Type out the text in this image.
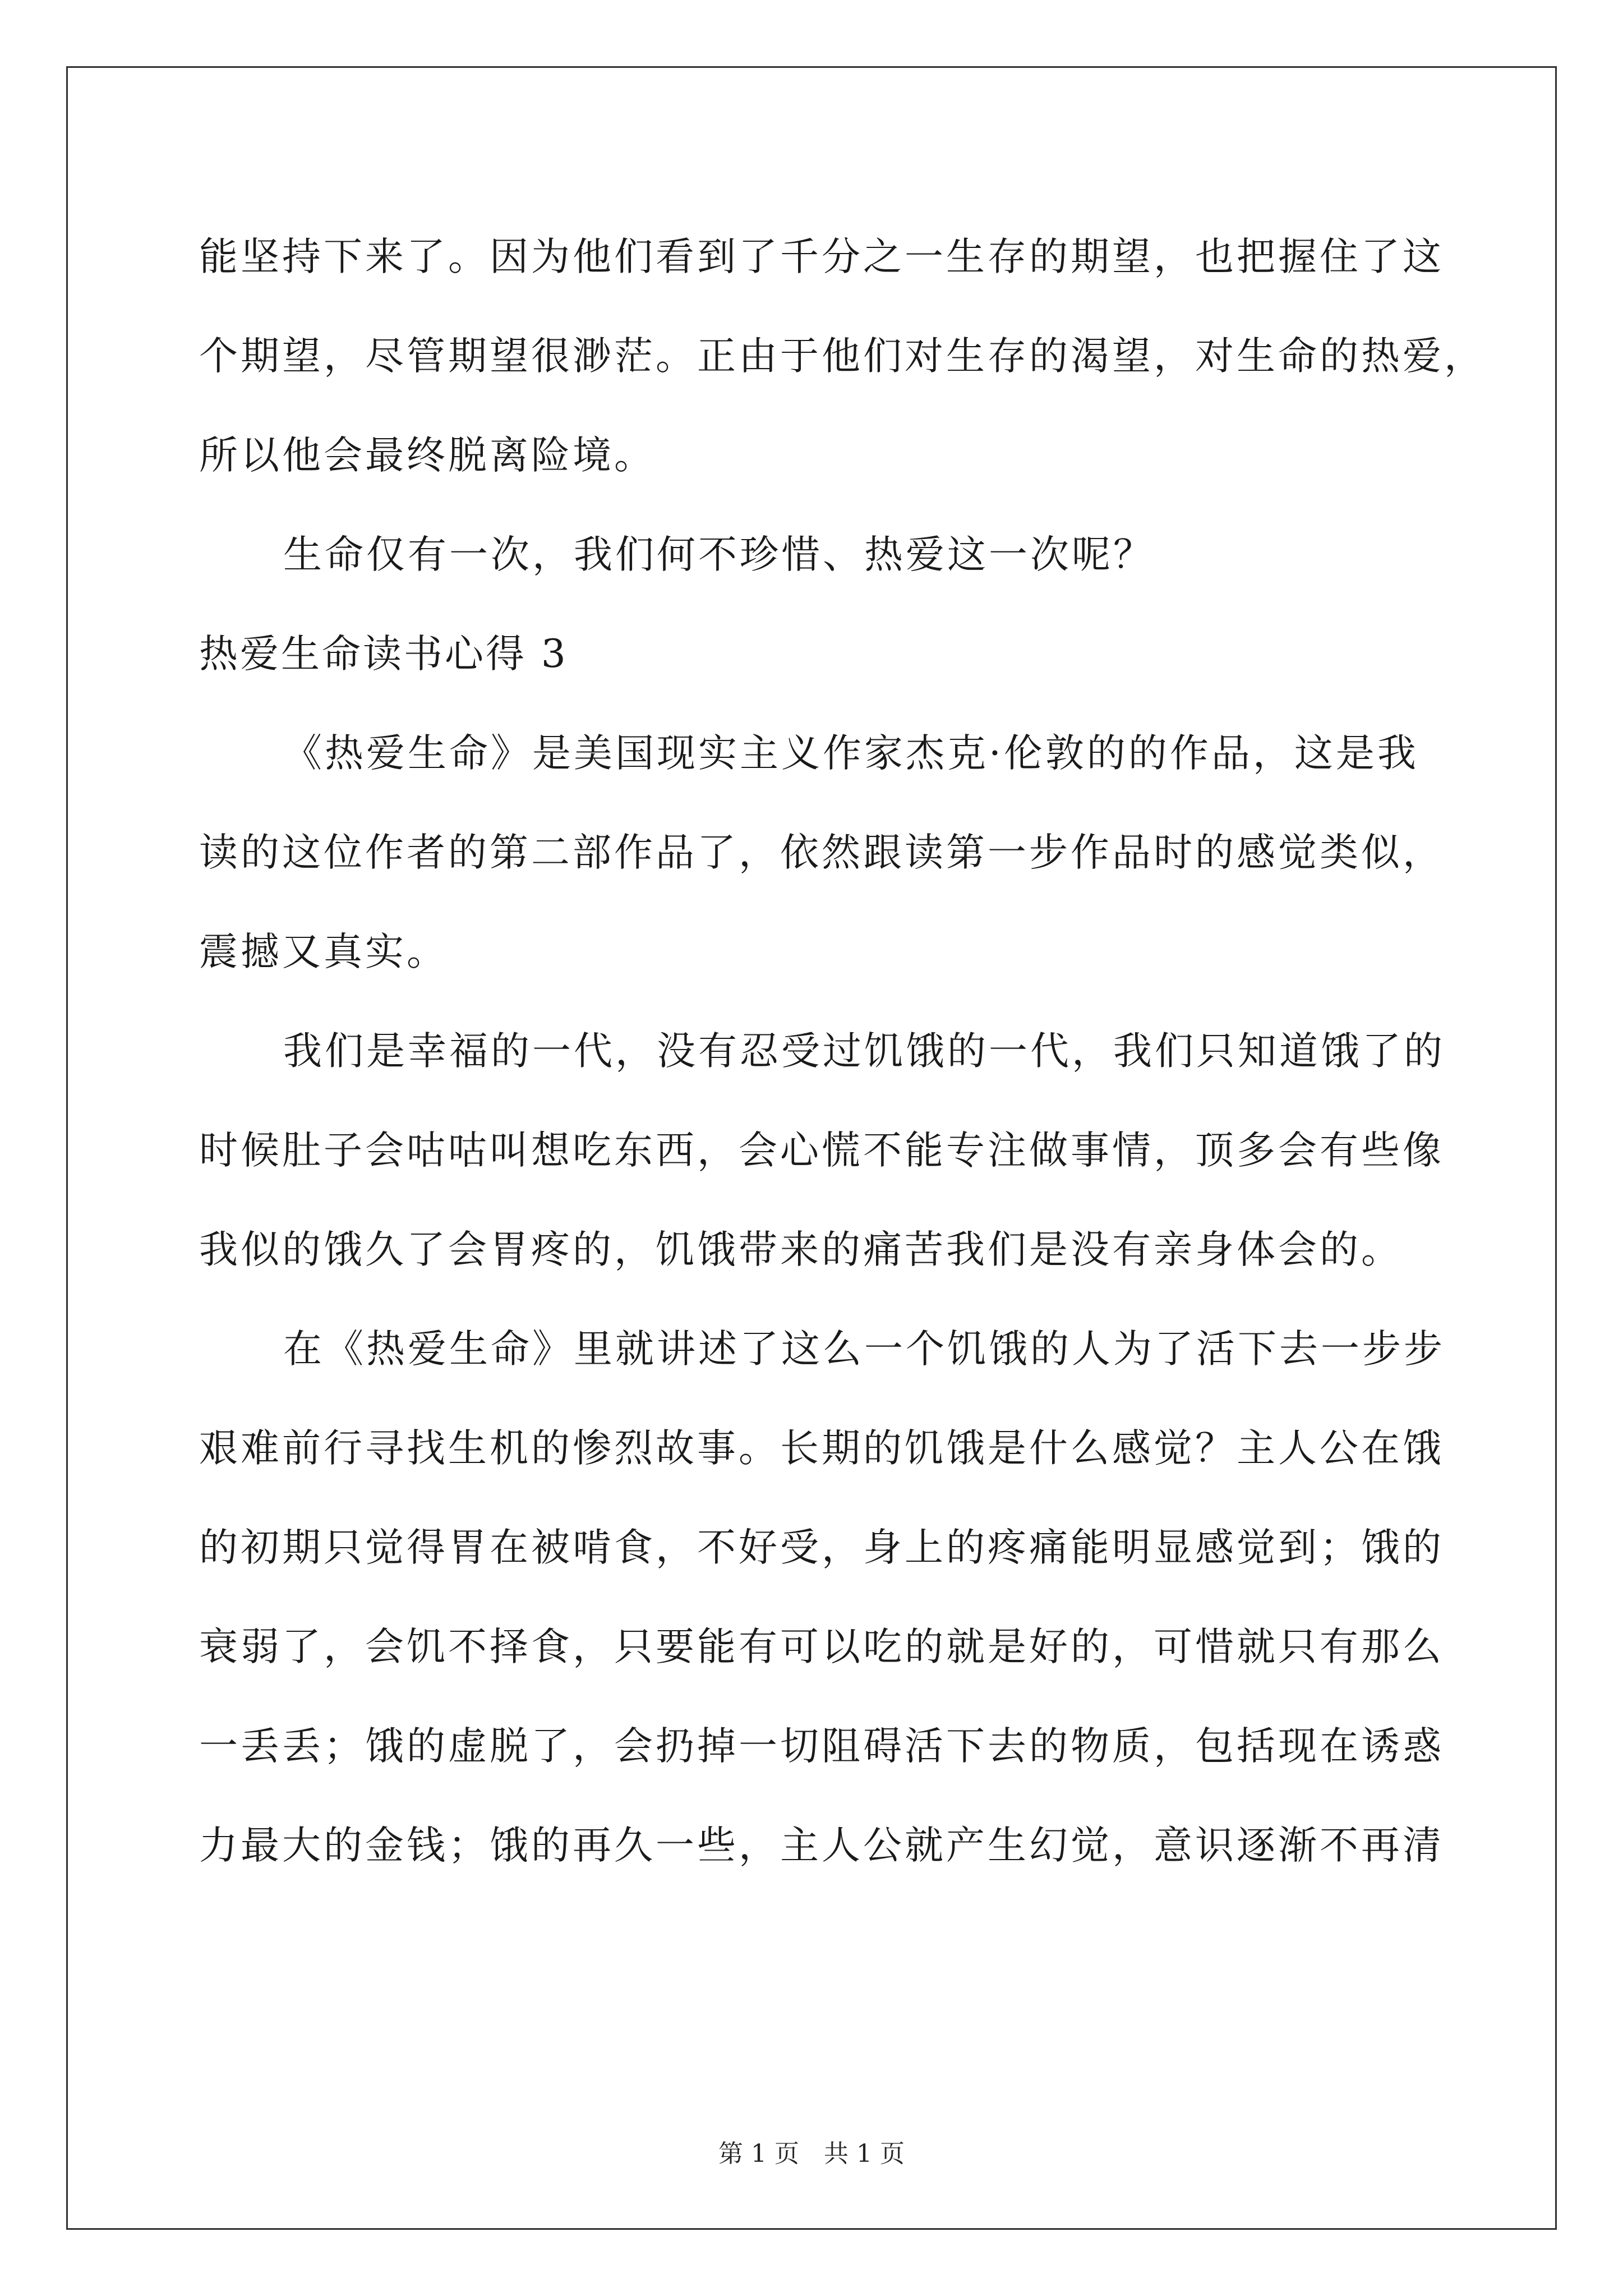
能坚持下来了。因为他们看到了千分之一生存的期望，也把握住了这
个期望，尽管期望很渺茫。正由于他们对生存的渴望，对生命的热爱，
所以他会最终脱离险境。
生命仅有一次，我们何不珍惜、热爱这一次呢？
热爱生命读书心得 3
《热爱生命》是美国现实主义作家杰克·伦敦的的作品，这是我
读的这位作者的第二部作品了，依然跟读第一步作品时的感觉类似，
震撼又真实。
我们是幸福的一代，没有忍受过饥饿的一代，我们只知道饿了的
时候肚子会咕咕叫想吃东西，会心慌不能专注做事情，顶多会有些像
我似的饿久了会胃疼的，饥饿带来的痛苦我们是没有亲身体会的。
在《热爱生命》里就讲述了这么一个饥饿的人为了活下去一步步
艰难前行寻找生机的惨烈故事。长期的饥饿是什么感觉？主人公在饿
的初期只觉得胃在被啃食，不好受，身上的疼痛能明显感觉到；饿的
衰弱了，会饥不择食，只要能有可以吃的就是好的，可惜就只有那么
一丢丢；饿的虚脱了，会扔掉一切阻碍活下去的物质，包括现在诱惑
力最大的金钱；饿的再久一些，主人公就产生幻觉，意识逐渐不再清
第 1 页　共 1 页
